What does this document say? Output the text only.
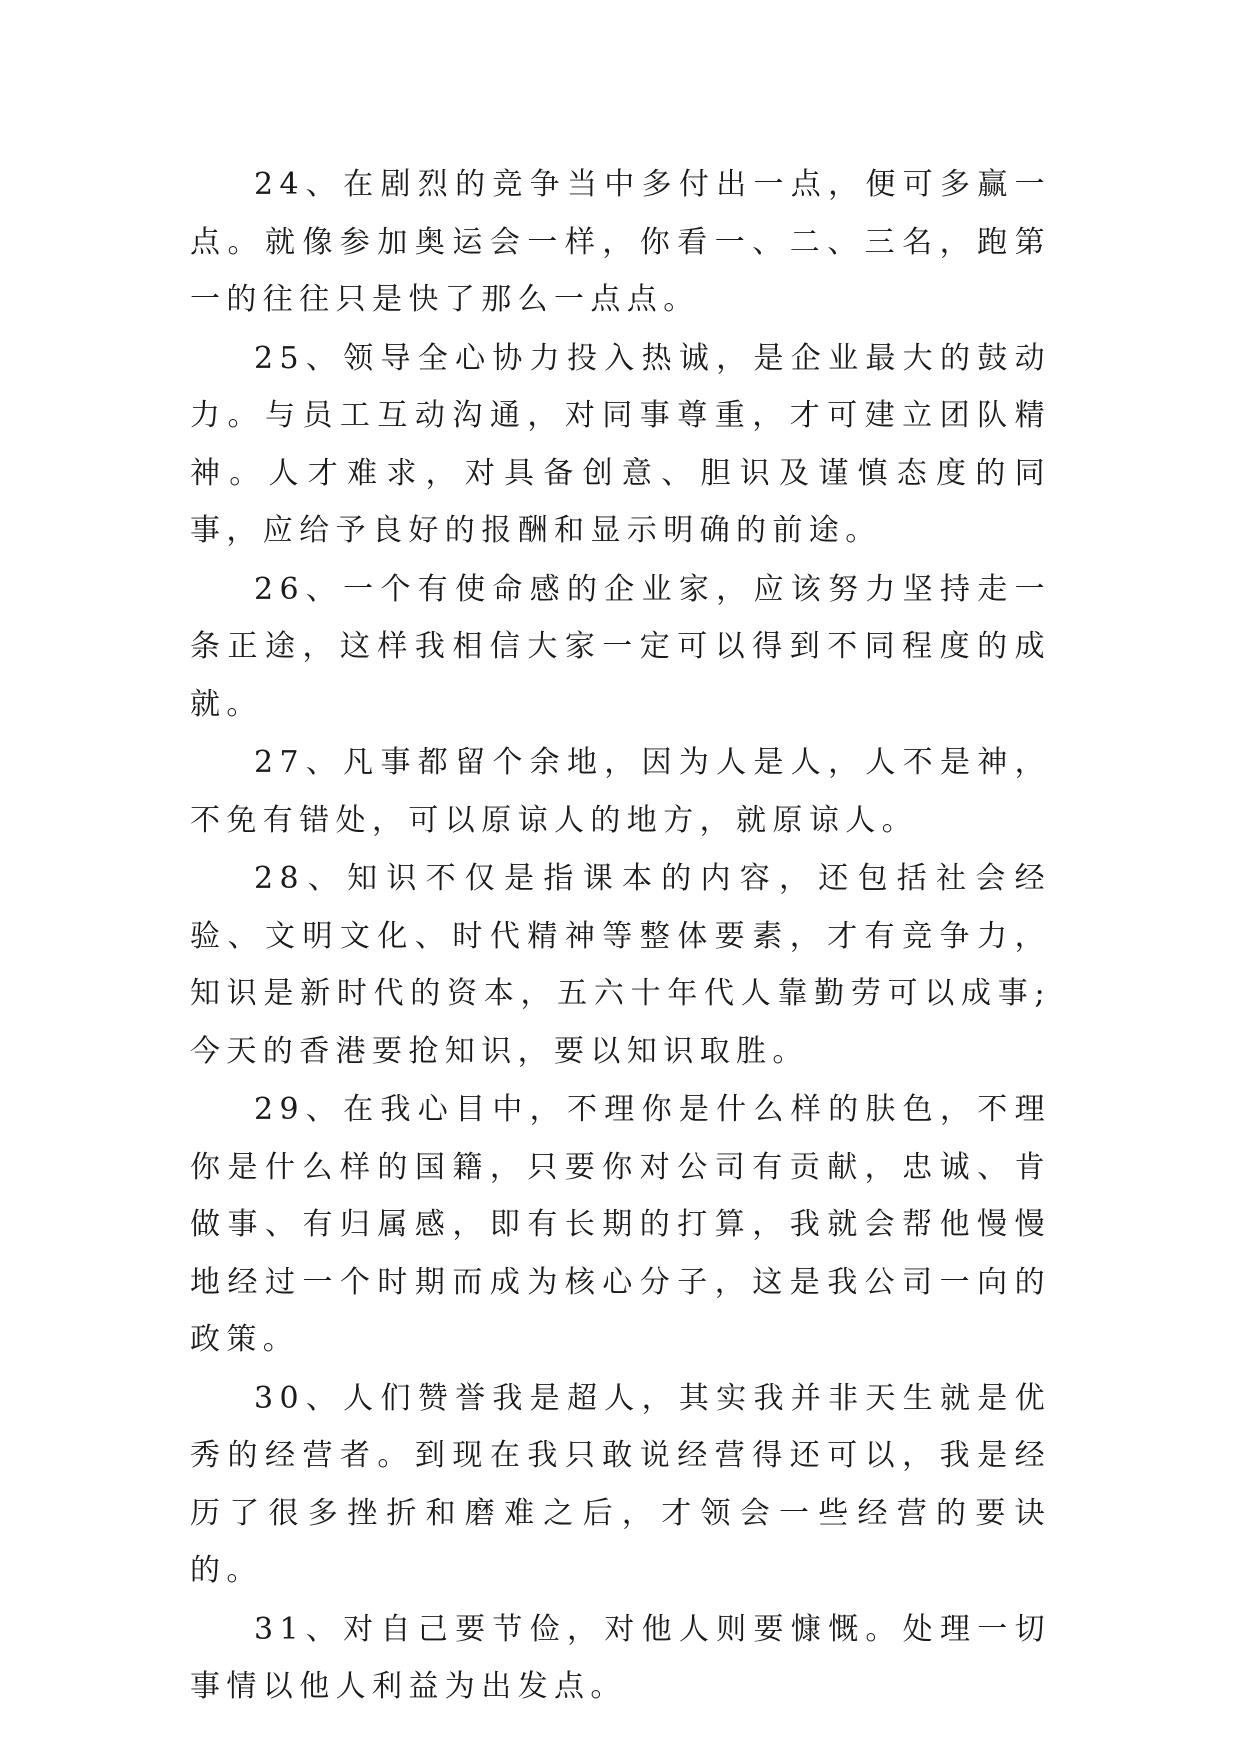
24、在剧烈的竞争当中多付出一点，便可多赢一点。就像参加奥运会一样，你看一、二、三名，跑第一的往往只是快了那么一点点。

25、领导全心协力投入热诚，是企业最大的鼓动力。与员工互动沟通，对同事尊重，才可建立团队精神。人才难求，对具备创意、胆识及谨慎态度的同事，应给予良好的报酬和显示明确的前途。

26、一个有使命感的企业家，应该努力坚持走一条正途，这样我相信大家一定可以得到不同程度的成就。

27、凡事都留个余地，因为人是人，人不是神，不免有错处，可以原谅人的地方，就原谅人。

28、知识不仅是指课本的内容，还包括社会经验、文明文化、时代精神等整体要素，才有竞争力，知识是新时代的资本，五六十年代人靠勤劳可以成事;今天的香港要抢知识，要以知识取胜。

29、在我心目中，不理你是什么样的肤色，不理你是什么样的国籍，只要你对公司有贡献，忠诚、肯做事、有归属感，即有长期的打算，我就会帮他慢慢地经过一个时期而成为核心分子，这是我公司一向的政策。

30、人们赞誉我是超人，其实我并非天生就是优秀的经营者。到现在我只敢说经营得还可以，我是经历了很多挫折和磨难之后，才领会一些经营的要诀的。

31、对自己要节俭，对他人则要慷慨。处理一切事情以他人利益为出发点。
